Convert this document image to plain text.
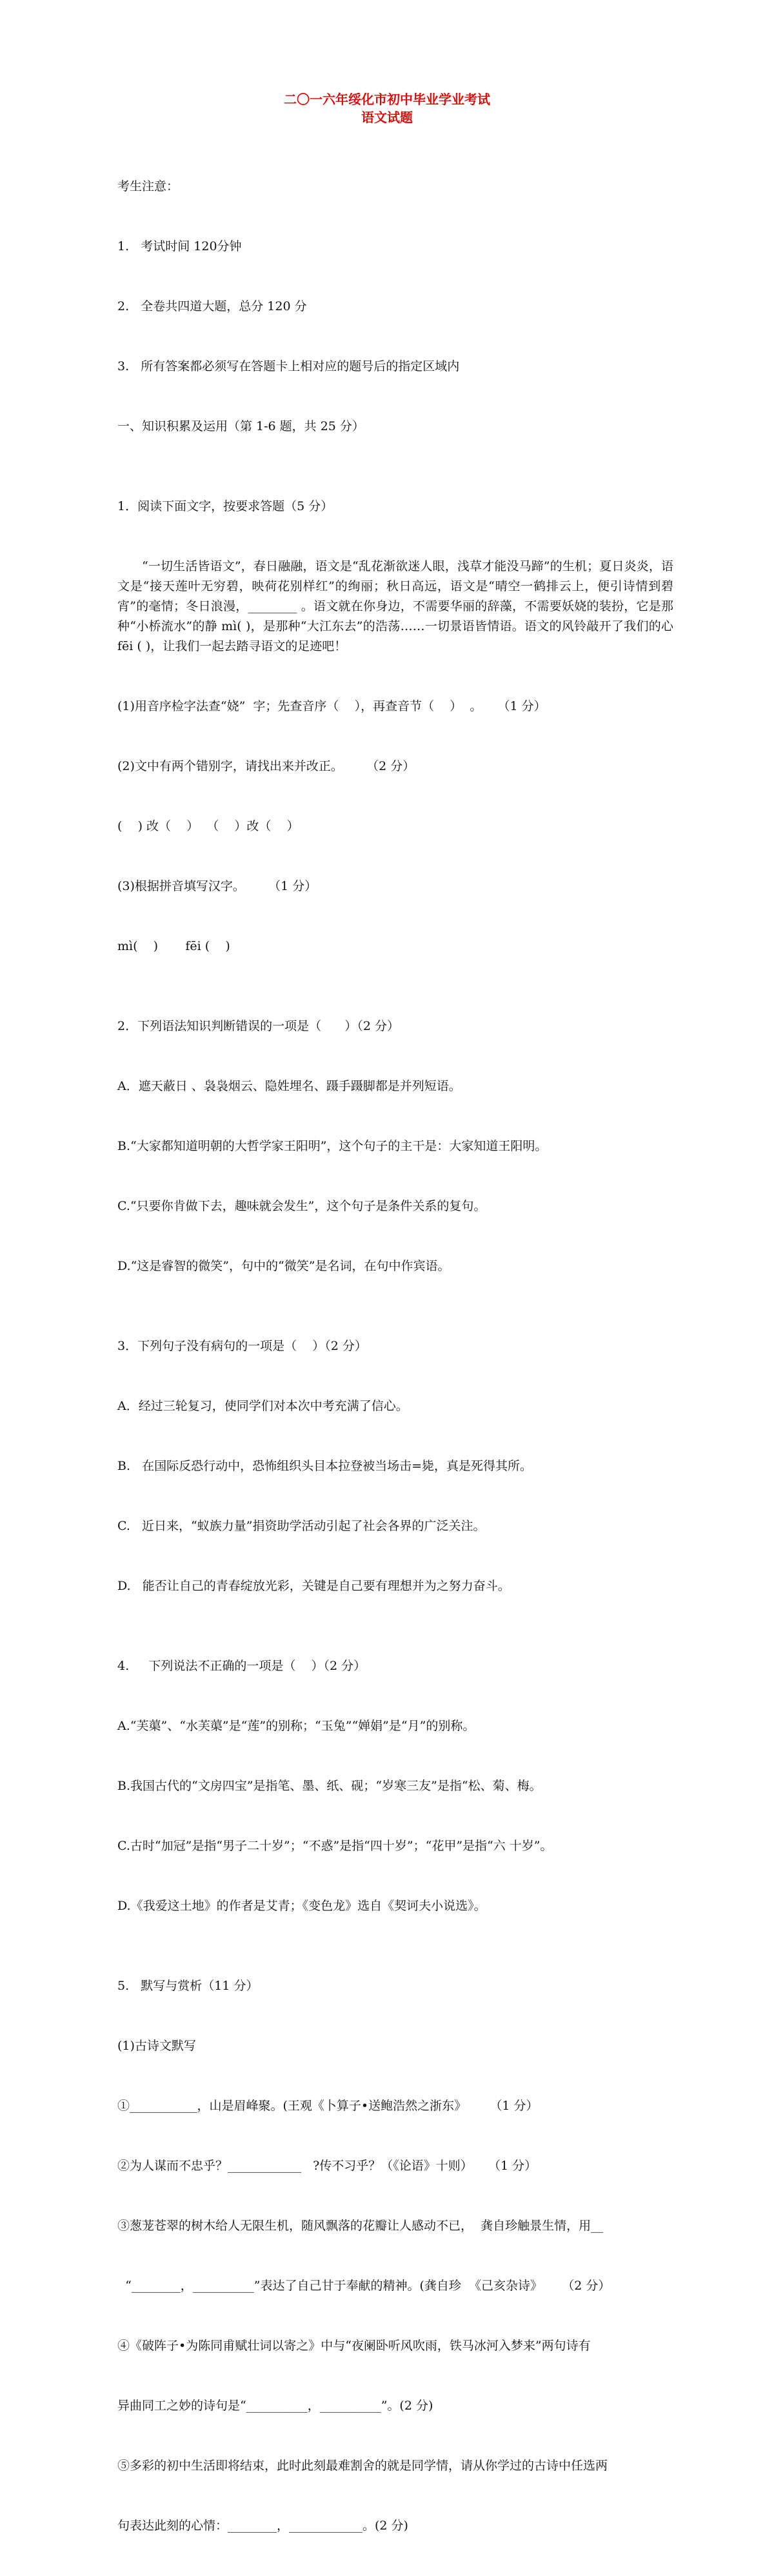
二〇一六年绥化市初中毕业学业考试
语文试题

考生注意：

1.   考试时间 120分钟

2.   全卷共四道大题，总分 120 分

3.   所有答案都必须写在答题卡上相对应的题号后的指定区域内

一、知识积累及运用（第 1-6 题，共 25 分）

1．阅读下面文字，按要求答题（5 分）

“一切生活皆语文”，春日融融，语文是“乱花渐欲迷人眼，浅草才能没马蹄”的生机；夏日炎炎，语文是“接天莲叶无穷碧，映荷花别样红”的绚丽；秋日高远，语文是“晴空一鹤排云上，便引诗情到碧宵”的毫情；冬日浪漫，________ 。语文就在你身边，不需要华丽的辞藻，不需要妖娆的装扮，它是那种“小桥流水”的静 mì( )，是那种“大江东去”的浩荡……一切景语皆情语。语文的风铃敲开了我们的心 fēi ( )，让我们一起去踏寻语文的足迹吧！

(1)用音序检字法查“娆”  字；先查音序（    ），再查音节（    ）  。    （1 分）

(2)文中有两个错别字，请找出来并改正。      （2 分）

(    ) 改（    ）  （    ）改（    ）

(3)根据拼音填写汉字。      （1 分）

mì(    )       fēi (    )

2．下列语法知识判断错误的一项是（      ）（2 分）

A．遮天蔽日 、袅袅烟云、隐姓埋名、蹑手蹑脚都是并列短语。

B.“大家都知道明朝的大哲学家王阳明”，这个句子的主干是：大家知道王阳明。

C.“只要你肯做下去，趣味就会发生”，这个句子是条件关系的复句。

D.“这是睿智的微笑”，句中的“微笑”是名词，在句中作宾语。

3．下列句子没有病句的一项是（    ）（2 分）

A．经过三轮复习，使同学们对本次中考充满了信心。

B.   在国际反恐行动中，恐怖组织头目本拉登被当场击=毙，真是死得其所。

C.   近日来，“蚁族力量”捐资助学活动引起了社会各界的广泛关注。

D.   能否让自己的青春绽放光彩，关键是自己要有理想并为之努力奋斗。

4.     下列说法不正确的一项是（    ）（2 分）

A.“芙蕖”、“水芙蕖”是“莲”的别称；“玉兔”“婵娟”是“月”的别称。

B.我国古代的“文房四宝”是指笔、墨、纸、砚；“岁寒三友”是指“松、菊、梅。

C.古时“加冠”是指“男子二十岁”；“不惑”是指“四十岁”；“花甲”是指“六 十岁”。

D.《我爱这土地》的作者是艾青；《变色龙》选自《契诃夫小说选》。

5.   默写与赏析（11 分）

(1)古诗文默写

①___________，山是眉峰聚。(王观《卜算子•送鲍浩然之浙东》      （1 分）

②为人谋而不忠乎？____________   ?传不习乎？（《论语》十则）    （1 分）

③葱茏苍翠的树木给人无限生机，随风飘落的花瓣让人感动不已，  龚自珍触景生情，用__

“________，__________”表达了自己甘于奉献的精神。(龚自珍  《己亥杂诗》     （2 分）

④《破阵子•为陈同甫赋壮词以寄之》中与“夜阑卧听风吹雨，铁马冰河入梦来”两句诗有

异曲同工之妙的诗句是“__________，__________”。(2 分)

⑤多彩的初中生活即将结束，此时此刻最难割舍的就是同学情，请从你学过的古诗中任选两

句表达此刻的心情：________，____________。(2 分)
